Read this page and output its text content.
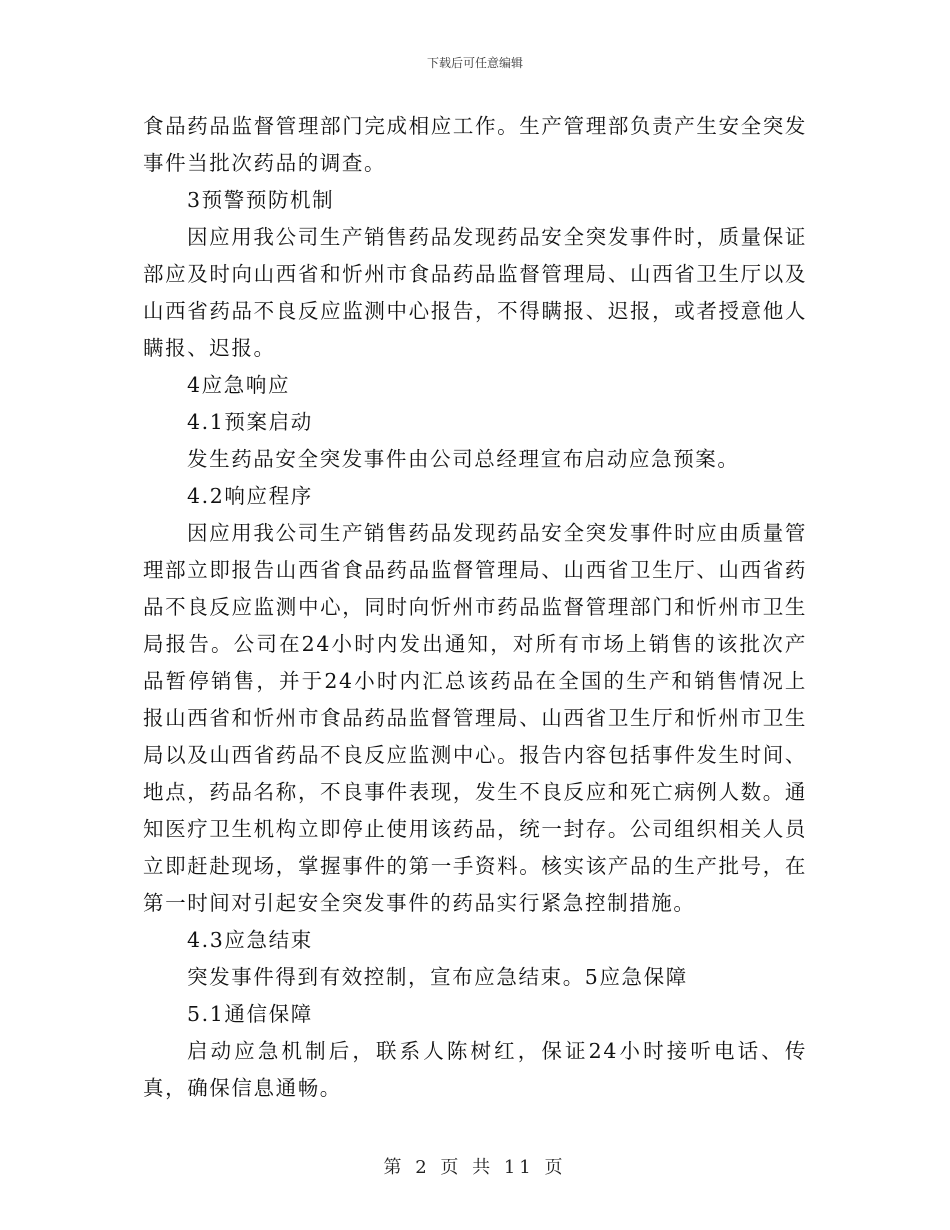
下载后可任意编辑

食品药品监督管理部门完成相应工作。生产管理部负责产生安全突发事件当批次药品的调查。

3预警预防机制

因应用我公司生产销售药品发现药品安全突发事件时，质量保证部应及时向山西省和忻州市食品药品监督管理局、山西省卫生厅以及山西省药品不良反应监测中心报告，不得瞒报、迟报，或者授意他人瞒报、迟报。

4应急响应

4.1预案启动

发生药品安全突发事件由公司总经理宣布启动应急预案。

4.2响应程序

因应用我公司生产销售药品发现药品安全突发事件时应由质量管理部立即报告山西省食品药品监督管理局、山西省卫生厅、山西省药品不良反应监测中心，同时向忻州市药品监督管理部门和忻州市卫生局报告。公司在24小时内发出通知，对所有市场上销售的该批次产品暂停销售，并于24小时内汇总该药品在全国的生产和销售情况上报山西省和忻州市食品药品监督管理局、山西省卫生厅和忻州市卫生局以及山西省药品不良反应监测中心。报告内容包括事件发生时间、地点，药品名称，不良事件表现，发生不良反应和死亡病例人数。通知医疗卫生机构立即停止使用该药品，统一封存。公司组织相关人员立即赶赴现场，掌握事件的第一手资料。核实该产品的生产批号，在第一时间对引起安全突发事件的药品实行紧急控制措施。

4.3应急结束

突发事件得到有效控制，宣布应急结束。5应急保障

5.1通信保障

启动应急机制后，联系人陈树红，保证24小时接听电话、传真，确保信息通畅。

第 2 页 共 11 页
